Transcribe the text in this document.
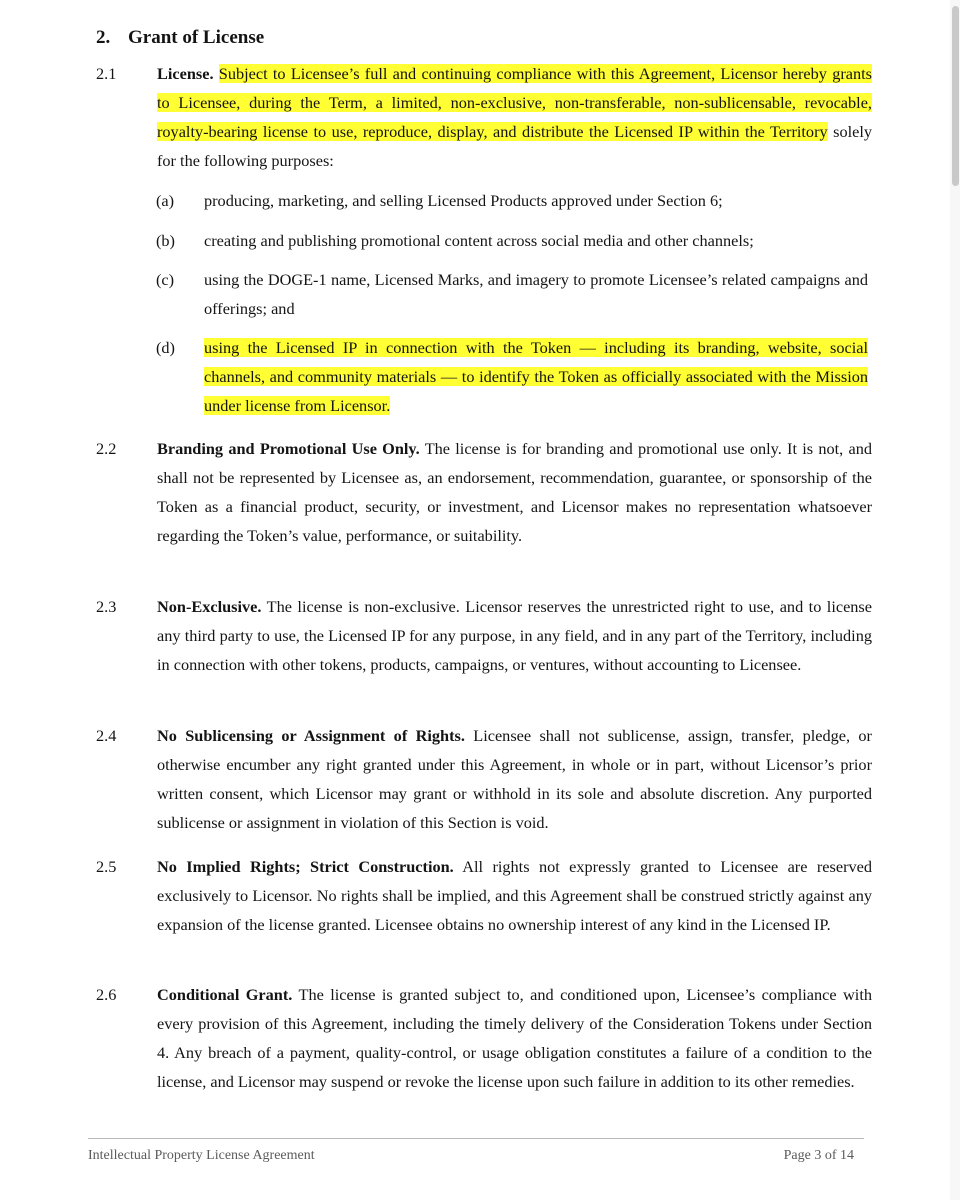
2. Grant of License
2.1 License. Subject to Licensee’s full and continuing compliance with this Agreement, Licensor hereby grants to Licensee, during the Term, a limited, non-exclusive, non-transferable, non-sublicensable, revocable, royalty-bearing license to use, reproduce, display, and distribute the Licensed IP within the Territory solely for the following purposes:
(a) producing, marketing, and selling Licensed Products approved under Section 6;
(b) creating and publishing promotional content across social media and other channels;
(c) using the DOGE-1 name, Licensed Marks, and imagery to promote Licensee’s related campaigns and offerings; and
(d) using the Licensed IP in connection with the Token — including its branding, website, social channels, and community materials — to identify the Token as officially associated with the Mission under license from Licensor.
2.2 Branding and Promotional Use Only. The license is for branding and promotional use only. It is not, and shall not be represented by Licensee as, an endorsement, recommendation, guarantee, or sponsorship of the Token as a financial product, security, or investment, and Licensor makes no representation whatsoever regarding the Token’s value, performance, or suitability.
2.3 Non-Exclusive. The license is non-exclusive. Licensor reserves the unrestricted right to use, and to license any third party to use, the Licensed IP for any purpose, in any field, and in any part of the Territory, including in connection with other tokens, products, campaigns, or ventures, without accounting to Licensee.
2.4 No Sublicensing or Assignment of Rights. Licensee shall not sublicense, assign, transfer, pledge, or otherwise encumber any right granted under this Agreement, in whole or in part, without Licensor’s prior written consent, which Licensor may grant or withhold in its sole and absolute discretion. Any purported sublicense or assignment in violation of this Section is void.
2.5 No Implied Rights; Strict Construction. All rights not expressly granted to Licensee are reserved exclusively to Licensor. No rights shall be implied, and this Agreement shall be construed strictly against any expansion of the license granted. Licensee obtains no ownership interest of any kind in the Licensed IP.
2.6 Conditional Grant. The license is granted subject to, and conditioned upon, Licensee’s compliance with every provision of this Agreement, including the timely delivery of the Consideration Tokens under Section 4. Any breach of a payment, quality-control, or usage obligation constitutes a failure of a condition to the license, and Licensor may suspend or revoke the license upon such failure in addition to its other remedies.
Intellectual Property License Agreement	Page 3 of 14
